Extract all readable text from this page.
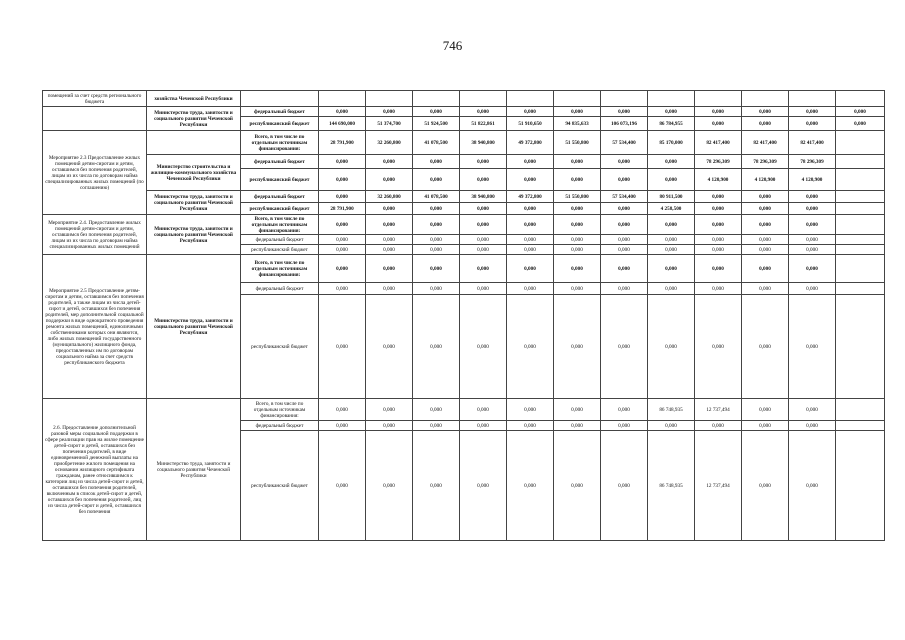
746
помещений за счет средств регионального бюджета	хозяйства Чеченской Республики													
	Министерство труда, занятости и социального развития Чеченской Республики	федеральный бюджет	0,000	0,000	0,000	0,000	0,000	0,000	0,000	0,000	0,000	0,000	0,000	0,000
		республиканский бюджет	144 690,000	51 374,700	51 924,500	51 822,861	51 910,650	94 835,633	106 073,196	86 784,955	0,000	0,000	0,000	0,000
Мероприятие 2.3 Предоставление жилых помещений детям-сиротам и детям, оставшимся без попечения родителей, лицам из их числа по договорам найма специализированных жилых помещений (по соглашению)		Всего, в том числе по отдельным источникам финансирования:	28 791,900	32 260,800	41 078,500	38 940,800	49 372,800	51 550,800	57 534,400	85 170,000	82 417,400	82 417,400	82 417,400	
	Министерство строительства и жилищно-коммунального хозяйства Чеченской Республики	федеральный бюджет	0,000	0,000	0,000	0,000	0,000	0,000	0,000	0,000	78 296,309	78 296,309	78 296,309	
		республиканский бюджет	0,000	0,000	0,000	0,000	0,000	0,000	0,000	0,000	4 120,900	4 120,900	4 120,900	
	Министерство труда, занятости и социального развития Чеченской Республики	федеральный бюджет	0,000	32 260,800	41 078,500	38 940,800	49 372,800	51 550,800	57 534,400	80 911,500	0,000	0,000	0,000	
		республиканский бюджет	28 791,900	0,000	0,000	0,000	0,000	0,000	0,000	4 258,500	0,000	0,000	0,000	
Мероприятие 2.4. Предоставление жилых помещений детям-сиротам и детям, оставшимся без попечения родителей, лицам из их числа по договорам найма специализированных жилых помещений	Министерство труда, занятости и социального развития Чеченской Республики	Всего, в том числе по отдельным источникам финансирования:	0,000	0,000	0,000	0,000	0,000	0,000	0,000	0,000	0,000	0,000	0,000	
		федеральный бюджет	0,000	0,000	0,000	0,000	0,000	0,000	0,000	0,000	0,000	0,000	0,000	
		республиканский бюджет	0,000	0,000	0,000	0,000	0,000	0,000	0,000	0,000	0,000	0,000	0,000	
Мероприятие 2.5 Предоставление детям-сиротам и детям, оставшимся без попечения родителей, а также лицам из числа детей-сирот и детей, оставшихся без попечения родителей, мер дополнительной социальной поддержки в виде однократного проведения ремонта жилых помещений, единоличными собственниками которых они являются, либо жилых помещений государственного (муниципального) жилищного фонда, предоставленных им по договорам социального найма за счет средств республиканского бюджета	Министерство труда, занятости и социального развития Чеченской Республики	Всего, в том числе по отдельным источникам финансирования:	0,000	0,000	0,000	0,000	0,000	0,000	0,000	0,000	0,000	0,000	0,000	
		федеральный бюджет	0,000	0,000	0,000	0,000	0,000	0,000	0,000	0,000	0,000	0,000	0,000	
		республиканский бюджет	0,000	0,000	0,000	0,000	0,000	0,000	0,000	0,000	0,000	0,000	0,000	
2.6. Предоставление дополнительной разовой меры социальной поддержки в сфере реализации прав на жилое помещение детей-сирот и детей, оставшихся без попечения родителей, в виде единовременной денежной выплаты на приобретение жилого помещения на основании жилищного сертификата гражданам, ранее относившимся к категории лиц из числа детей-сирот и детей, оставшихся без попечения родителей, включенным в список детей-сирот и детей, оставшихся без попечения родителей, лиц из числа детей-сирот и детей, оставшихся без попечения	Министерство труда, занятости и социального развития Чеченской Республики	Всего, в том числе по отдельным источникам финансирования:	0,000	0,000	0,000	0,000	0,000	0,000	0,000	86 748,935	12 737,494	0,000	0,000	
		федеральный бюджет	0,000	0,000	0,000	0,000	0,000	0,000	0,000	0,000	0,000	0,000	0,000	
		республиканский бюджет	0,000	0,000	0,000	0,000	0,000	0,000	0,000	86 748,935	12 737,494	0,000	0,000	
